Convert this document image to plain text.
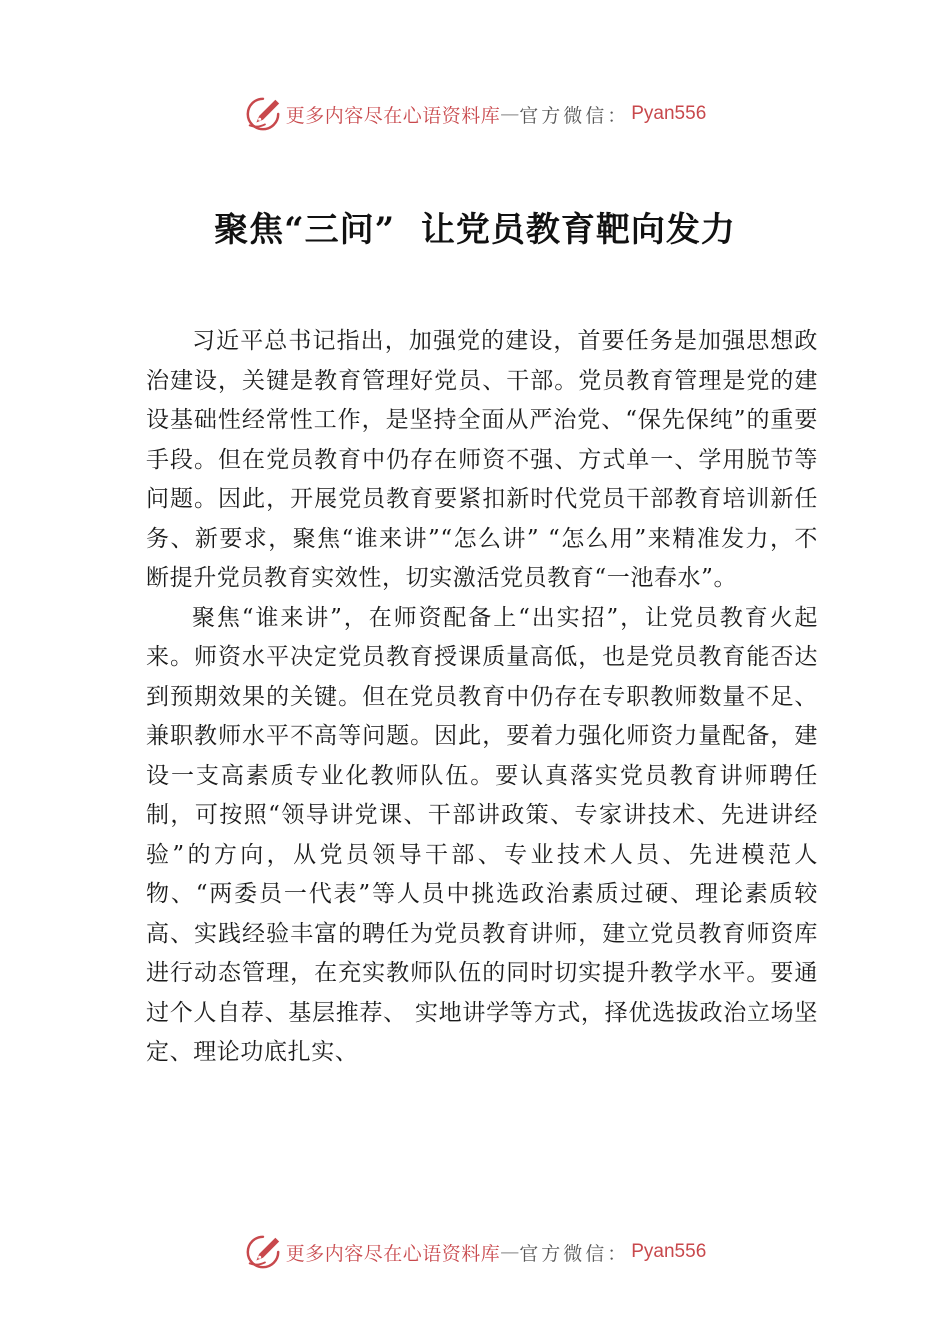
更多内容尽在心语资料库 — 官方微信： Pyan556
聚焦“三问”  让党员教育靶向发力

习近平总书记指出，加强党的建设，首要任务是加强思想政治建设，关键是教育管理好党员、干部。党员教育管理是党的建设基础性经常性工作，是坚持全面从严治党、“保先保纯”的重要手段。但在党员教育中仍存在师资不强、方式单一、学用脱节等问题。因此，开展党员教育要紧扣新时代党员干部教育培训新任务、新要求，聚焦“谁来讲”“怎么讲” “怎么用”来精准发力，不断提升党员教育实效性，切实激活党员教育“一池春水”。

聚焦“谁来讲”，在师资配备上“出实招”，让党员教育火起来。师资水平决定党员教育授课质量高低，也是党员教育能否达到预期效果的关键。但在党员教育中仍存在专职教师数量不足、兼职教师水平不高等问题。因此，要着力强化师资力量配备，建设一支高素质专业化教师队伍。要认真落实党员教育讲师聘任制，可按照“领导讲党课、干部讲政策、专家讲技术、先进讲经验”的方向，从党员领导干部、专业技术人员、先进模范人物、“两委员一代表”等人员中挑选政治素质过硬、理论素质较高、实践经验丰富的聘任为党员教育讲师，建立党员教育师资库进行动态管理，在充实教师队伍的同时切实提升教学水平。要通过个人自荐、基层推荐、 实地讲学等方式，择优选拔政治立场坚定、理论功底扎实、

更多内容尽在心语资料库 — 官方微信： Pyan556
